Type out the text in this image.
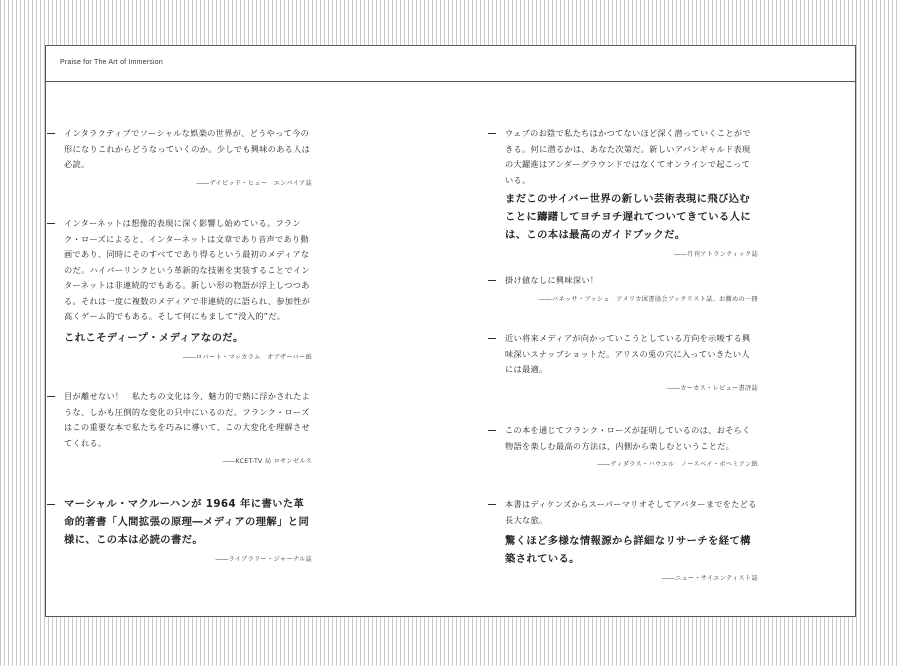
Praise for The Art of Immersion
インタラクティブでソーシャルな娯楽の世界が、どうやって今の形になりこれからどうなっていくのか。少しでも興味のある人は必読。
――デイビッド・ヒュー　エンパイア誌
インターネットは想像的表現に深く影響し始めている。フランク・ローズによると、インターネットは文章であり音声であり動画であり、同時にそのすべてであり得るという最初のメディアなのだ。ハイパーリンクという革新的な技術を実装することでインターネットは非連続的でもある。新しい形の物語が浮上しつつある。それは一度に複数のメディアで非連続的に語られ、参加性が高くゲーム的でもある。そして何にもまして“没入的”だ。
これこそディープ・メディアなのだ。
――ロバート・マッカラム　オブザーバー紙
目が離せない！　私たちの文化は今、魅力的で熱に浮かされたような、しかも圧倒的な変化の只中にいるのだ。フランク・ローズはこの重要な本で私たちを巧みに導いて、この大変化を理解させてくれる。
――KCET-TV 局 ロサンゼルス
マーシャル・マクルーハンが 1964 年に書いた革命的著書「人間拡張の原理―メディアの理解」と同様に、この本は必読の書だ。
――ライブラリー・ジャーナル誌
ウェブのお陰で私たちはかつてないほど深く潜っていくことができる。何に潜るかは、あなた次第だ。新しいアバンギャルド表現の大躍進はアンダーグラウンドではなくてオンラインで起こっている。
まだこのサイバー世界の新しい芸術表現に飛び込むことに躊躇してヨチヨチ遅れてついてきている人には、この本は最高のガイドブックだ。
――月刊アトランティック誌
掛け値なしに興味深い！
――バネッサ・ブッシュ　アメリカ図書協会ブックリスト誌、お薦めの一冊
近い将来メディアが向かっていこうとしている方向を示唆する興味深いスナップショットだ。アリスの兎の穴に入っていきたい人には最適。
――カーカス・レビュー書評誌
この本を通じてフランク・ローズが証明しているのは、おそらく物語を楽しむ最高の方法は、内側から楽しむということだ。
――ディダラス・ハウエル　ノースベイ・ボヘミアン紙
本書はディケンズからスーパーマリオそしてアバターまでをたどる長大な旅。
驚くほど多様な情報源から詳細なリサーチを経て構築されている。
――ニュー・サイエンティスト誌
